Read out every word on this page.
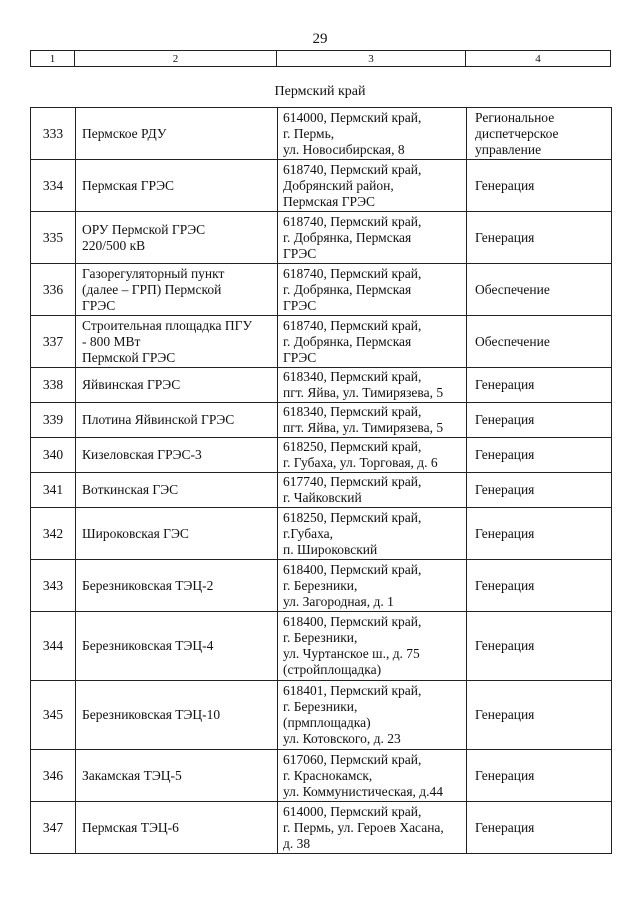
29
1	2	3	4
Пермский край
333	Пермское РДУ	614000, Пермский край,
г. Пермь,
ул. Новосибирская, 8	Региональное
диспетчерское
управление
334	Пермская ГРЭС	618740, Пермский край,
Добрянский район,
Пермская ГРЭС	Генерация
335	ОРУ Пермской ГРЭС
220/500 кВ	618740, Пермский край,
г. Добрянка, Пермская
ГРЭС	Генерация
336	Газорегуляторный пункт
(далее – ГРП) Пермской
ГРЭС	618740, Пермский край,
г. Добрянка, Пермская
ГРЭС	Обеспечение
337	Строительная площадка ПГУ
- 800 МВт
Пермской ГРЭС	618740, Пермский край,
г. Добрянка, Пермская
ГРЭС	Обеспечение
338	Яйвинская ГРЭС	618340, Пермский край,
пгт. Яйва, ул. Тимирязева, 5	Генерация
339	Плотина Яйвинской ГРЭС	618340, Пермский край,
пгт. Яйва, ул. Тимирязева, 5	Генерация
340	Кизеловская ГРЭС-3	618250, Пермский край,
г. Губаха, ул. Торговая, д. 6	Генерация
341	Воткинская ГЭС	617740, Пермский край,
г. Чайковский	Генерация
342	Широковская ГЭС	618250, Пермский край,
г.Губаха,
п. Широковский	Генерация
343	Березниковская ТЭЦ-2	618400, Пермский край,
г. Березники,
ул. Загородная, д. 1	Генерация
344	Березниковская ТЭЦ-4	618400, Пермский край,
г. Березники,
ул. Чуртанское ш., д. 75
(стройплощадка)	Генерация
345	Березниковская ТЭЦ-10	618401, Пермский край,
г. Березники,
(прмплощадка)
ул. Котовского, д. 23	Генерация
346	Закамская ТЭЦ-5	617060, Пермский край,
г. Краснокамск,
ул. Коммунистическая, д.44	Генерация
347	Пермская ТЭЦ-6	614000, Пермский край,
г. Пермь, ул. Героев Хасана,
д. 38	Генерация
